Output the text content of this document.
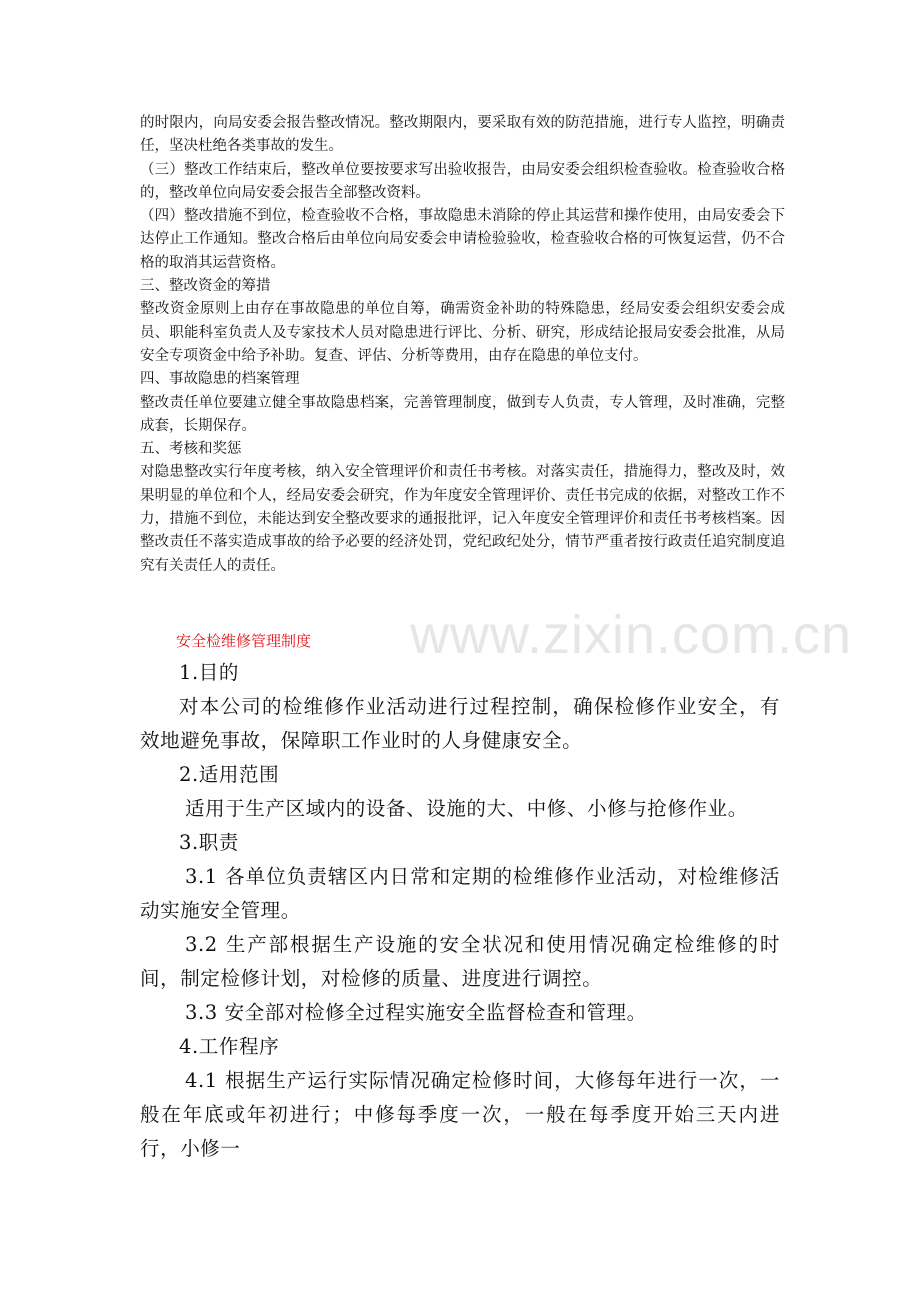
的时限内，向局安委会报告整改情况。整改期限内，要采取有效的防范措施，进行专人监控，明确责任，坚决杜绝各类事故的发生。

（三）整改工作结束后，整改单位要按要求写出验收报告，由局安委会组织检查验收。检查验收合格的，整改单位向局安委会报告全部整改资料。

（四）整改措施不到位，检查验收不合格，事故隐患未消除的停止其运营和操作使用，由局安委会下达停止工作通知。整改合格后由单位向局安委会申请检验验收，检查验收合格的可恢复运营，仍不合格的取消其运营资格。

三、整改资金的筹措

整改资金原则上由存在事故隐患的单位自筹，确需资金补助的特殊隐患，经局安委会组织安委会成员、职能科室负责人及专家技术人员对隐患进行评比、分析、研究，形成结论报局安委会批准，从局安全专项资金中给予补助。复查、评估、分析等费用，由存在隐患的单位支付。

四、事故隐患的档案管理

整改责任单位要建立健全事故隐患档案，完善管理制度，做到专人负责，专人管理，及时准确，完整成套，长期保存。

五、考核和奖惩

对隐患整改实行年度考核，纳入安全管理评价和责任书考核。对落实责任，措施得力，整改及时，效果明显的单位和个人，经局安委会研究，作为年度安全管理评价、责任书完成的依据，对整改工作不力，措施不到位，未能达到安全整改要求的通报批评，记入年度安全管理评价和责任书考核档案。因整改责任不落实造成事故的给予必要的经济处罚，党纪政纪处分，情节严重者按行政责任追究制度追究有关责任人的责任。

www.zixin.com.cn
安全检维修管理制度

1.目的

对本公司的检维修作业活动进行过程控制，确保检修作业安全，有效地避免事故，保障职工作业时的人身健康安全。

2.适用范围

适用于生产区域内的设备、设施的大、中修、小修与抢修作业。

3.职责

3.1 各单位负责辖区内日常和定期的检维修作业活动，对检维修活动实施安全管理。

3.2 生产部根据生产设施的安全状况和使用情况确定检维修的时间，制定检修计划，对检修的质量、进度进行调控。

3.3 安全部对检修全过程实施安全监督检查和管理。

4.工作程序

4.1 根据生产运行实际情况确定检修时间，大修每年进行一次，一般在年底或年初进行；中修每季度一次，一般在每季度开始三天内进行，小修一
